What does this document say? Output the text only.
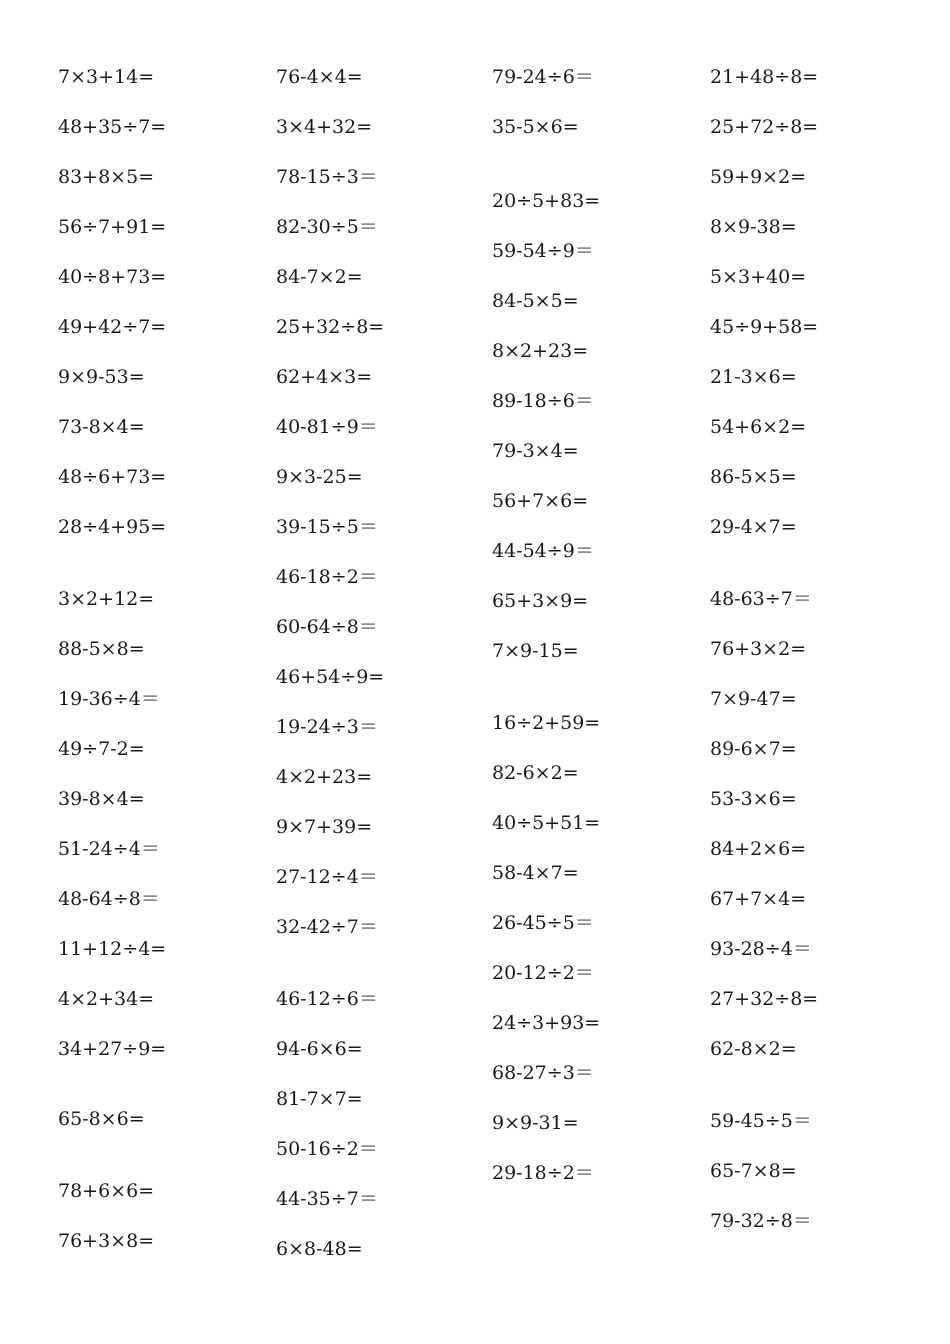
7×3+14=
48+35÷7=
83+8×5=
56÷7+91=
40÷8+73=
49+42÷7=
9×9-53=
73-8×4=
48÷6+73=
28÷4+95=
3×2+12=
88-5×8=
19-36÷4＝
49÷7-2=
39-8×4=
51-24÷4＝
48-64÷8＝
11+12÷4=
4×2+34=
34+27÷9=
65-8×6=
78+6×6=
76+3×8=
76-4×4=
3×4+32=
78-15÷3＝
82-30÷5＝
84-7×2=
25+32÷8=
62+4×3=
40-81÷9＝
9×3-25=
39-15÷5＝
46-18÷2＝
60-64÷8＝
46+54÷9=
19-24÷3＝
4×2+23=
9×7+39=
27-12÷4＝
32-42÷7＝
46-12÷6＝
94-6×6=
81-7×7=
50-16÷2＝
44-35÷7＝
6×8-48=
79-24÷6＝
35-5×6=
20÷5+83=
59-54÷9＝
84-5×5=
8×2+23=
89-18÷6＝
79-3×4=
56+7×6=
44-54÷9＝
65+3×9=
7×9-15=
16÷2+59=
82-6×2=
40÷5+51=
58-4×7=
26-45÷5＝
20-12÷2＝
24÷3+93=
68-27÷3＝
9×9-31=
29-18÷2＝
21+48÷8=
25+72÷8=
59+9×2=
8×9-38=
5×3+40=
45÷9+58=
21-3×6=
54+6×2=
86-5×5=
29-4×7=
48-63÷7＝
76+3×2=
7×9-47=
89-6×7=
53-3×6=
84+2×6=
67+7×4=
93-28÷4＝
27+32÷8=
62-8×2=
59-45÷5＝
65-7×8=
79-32÷8＝
